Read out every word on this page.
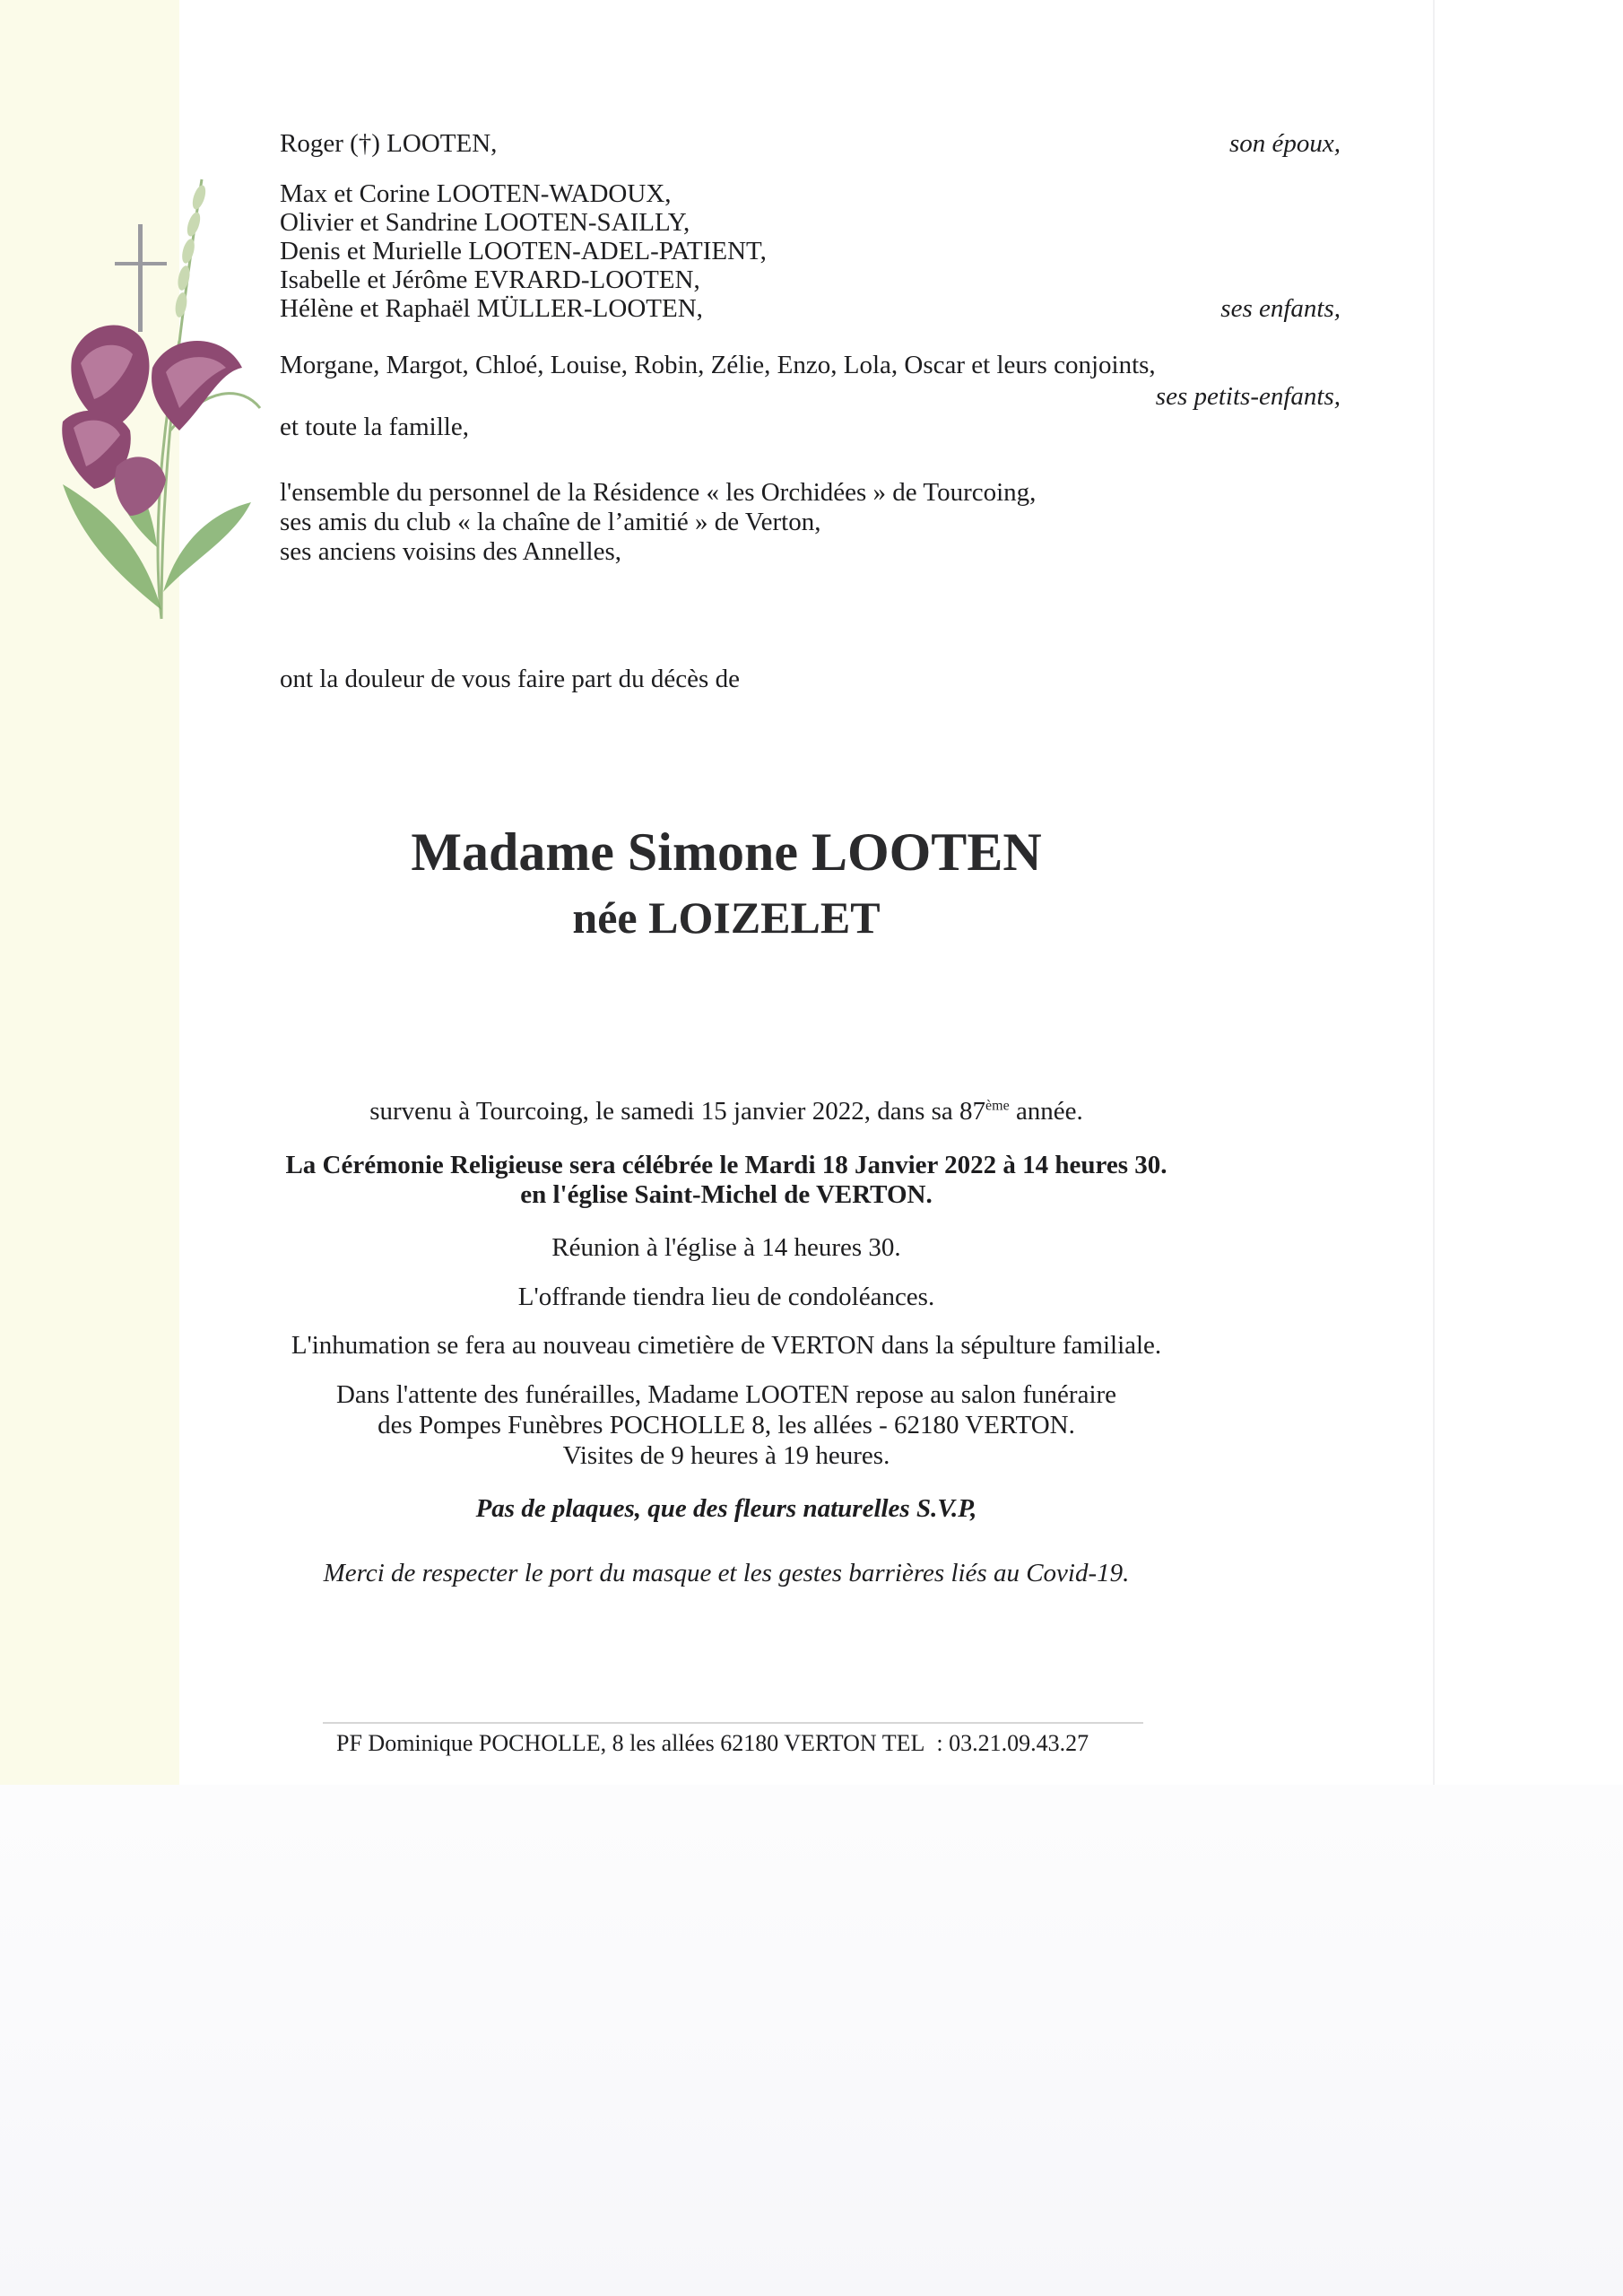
Roger (†) LOOTEN,	son époux,
Max et Corine LOOTEN-WADOUX,
Olivier et Sandrine LOOTEN-SAILLY,
Denis et Murielle LOOTEN-ADEL-PATIENT,
Isabelle et Jérôme EVRARD-LOOTEN,
Hélène et Raphaël MÜLLER-LOOTEN,	ses enfants,
Morgane, Margot, Chloé, Louise, Robin, Zélie, Enzo, Lola, Oscar et leurs conjoints,
ses petits-enfants,
et toute la famille,
l'ensemble du personnel de la Résidence « les Orchidées » de Tourcoing,
ses amis du club « la chaîne de l’amitié » de Verton,
ses anciens voisins des Annelles,
ont la douleur de vous faire part du décès de
Madame Simone LOOTEN
née LOIZELET
survenu à Tourcoing, le samedi 15 janvier 2022, dans sa 87ème année.
La Cérémonie Religieuse sera célébrée le Mardi 18 Janvier 2022 à 14 heures 30.
en l'église Saint-Michel de VERTON.
Réunion à l'église à 14 heures 30.
L'offrande tiendra lieu de condoléances.
L'inhumation se fera au nouveau cimetière de VERTON dans la sépulture familiale.
Dans l'attente des funérailles, Madame LOOTEN repose au salon funéraire
des Pompes Funèbres POCHOLLE 8, les allées - 62180 VERTON.
Visites de 9 heures à 19 heures.
Pas de plaques, que des fleurs naturelles S.V.P,
Merci de respecter le port du masque et les gestes barrières liés au Covid-19.
PF Dominique POCHOLLE, 8 les allées 62180 VERTON TEL  : 03.21.09.43.27
